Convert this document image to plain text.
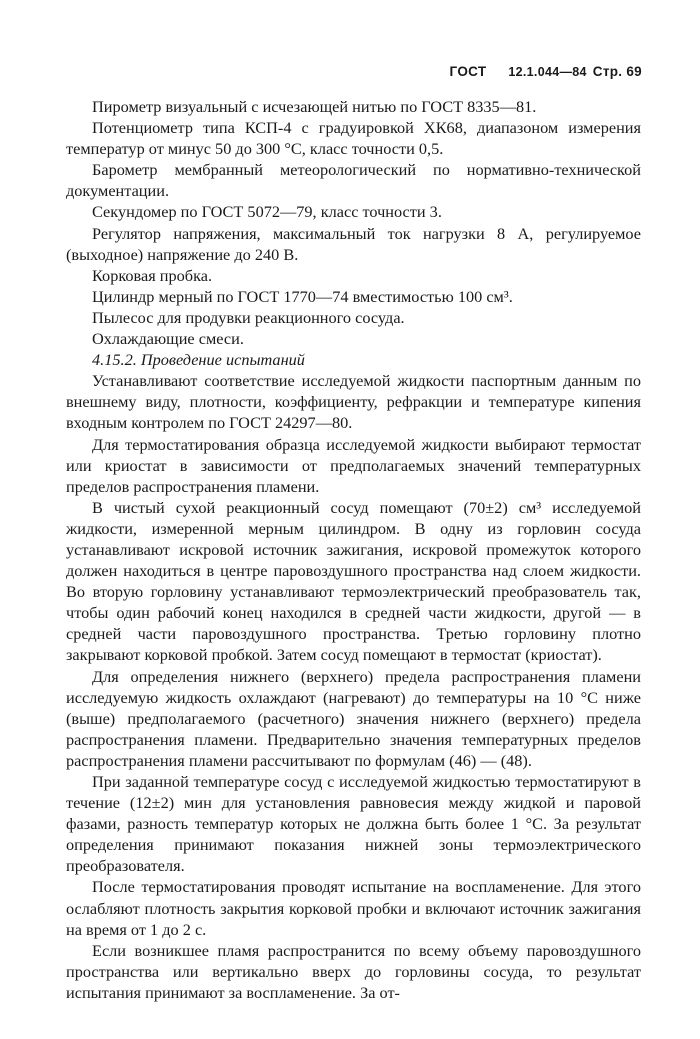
ГОСТ 12.1.044—84 Стр. 69

Пирометр визуальный с исчезающей нитью по ГОСТ 8335—81.

Потенциометр типа КСП-4 с градуировкой ХК68, диапазоном измерения температур от минус 50 до 300 °С, класс точности 0,5.

Барометр мембранный метеорологический по нормативно-технической документации.

Секундомер по ГОСТ 5072—79, класс точности 3.

Регулятор напряжения, максимальный ток нагрузки 8 А, регулируемое (выходное) напряжение до 240 В.

Корковая пробка.

Цилиндр мерный по ГОСТ 1770—74 вместимостью 100 см³.

Пылесос для продувки реакционного сосуда.

Охлаждающие смеси.

4.15.2. Проведение испытаний

Устанавливают соответствие исследуемой жидкости паспортным данным по внешнему виду, плотности, коэффициенту, рефракции и температуре кипения входным контролем по ГОСТ 24297—80.

Для термостатирования образца исследуемой жидкости выбирают термостат или криостат в зависимости от предполагаемых значений температурных пределов распространения пламени.

В чистый сухой реакционный сосуд помещают (70±2) см³ исследуемой жидкости, измеренной мерным цилиндром. В одну из горловин сосуда устанавливают искровой источник зажигания, искровой промежуток которого должен находиться в центре паровоздушного пространства над слоем жидкости. Во вторую горловину устанавливают термоэлектрический преобразователь так, чтобы один рабочий конец находился в средней части жидкости, другой — в средней части паровоздушного пространства. Третью горловину плотно закрывают корковой пробкой. Затем сосуд помещают в термостат (криостат).

Для определения нижнего (верхнего) предела распространения пламени исследуемую жидкость охлаждают (нагревают) до температуры на 10 °С ниже (выше) предполагаемого (расчетного) значения нижнего (верхнего) предела распространения пламени. Предварительно значения температурных пределов распространения пламени рассчитывают по формулам (46) — (48).

При заданной температуре сосуд с исследуемой жидкостью термостатируют в течение (12±2) мин для установления равновесия между жидкой и паровой фазами, разность температур которых не должна быть более 1 °С. За результат определения принимают показания нижней зоны термоэлектрического преобразователя.

После термостатирования проводят испытание на воспламенение. Для этого ослабляют плотность закрытия корковой пробки и включают источник зажигания на время от 1 до 2 с.

Если возникшее пламя распространится по всему объему паровоздушного пространства или вертикально вверх до горловины сосуда, то результат испытания принимают за воспламенение. За от-
